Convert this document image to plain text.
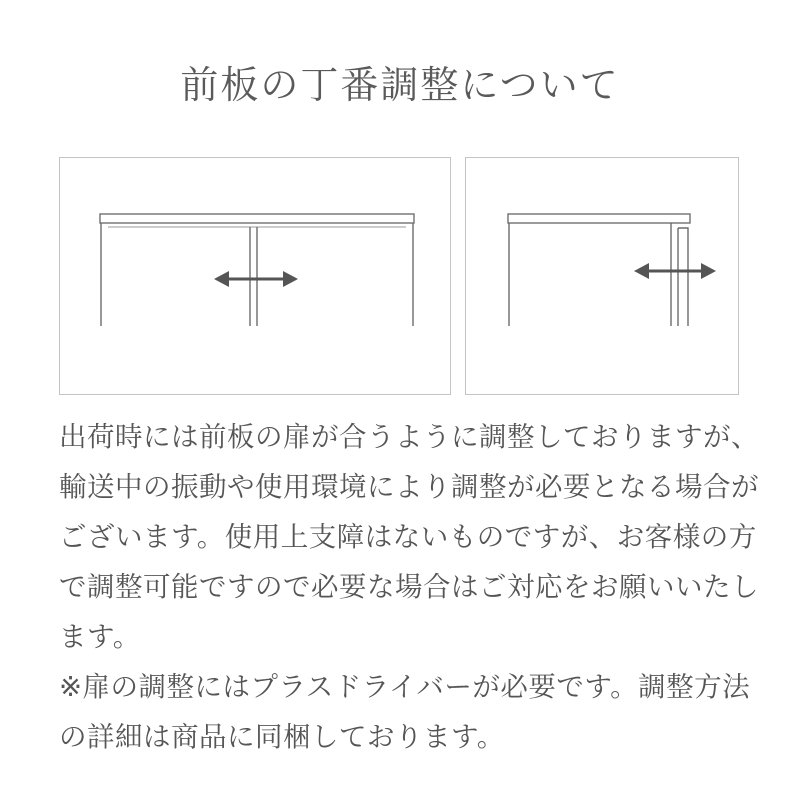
前板の丁番調整について

出荷時には前板の扉が合うように調整しておりますが、輸送中の振動や使用環境により調整が必要となる場合がございます。使用上支障はないものですが、お客様の方で調整可能ですので必要な場合はご対応をお願いいたします。

※扉の調整にはプラスドライバーが必要です。調整方法の詳細は商品に同梱しております。
